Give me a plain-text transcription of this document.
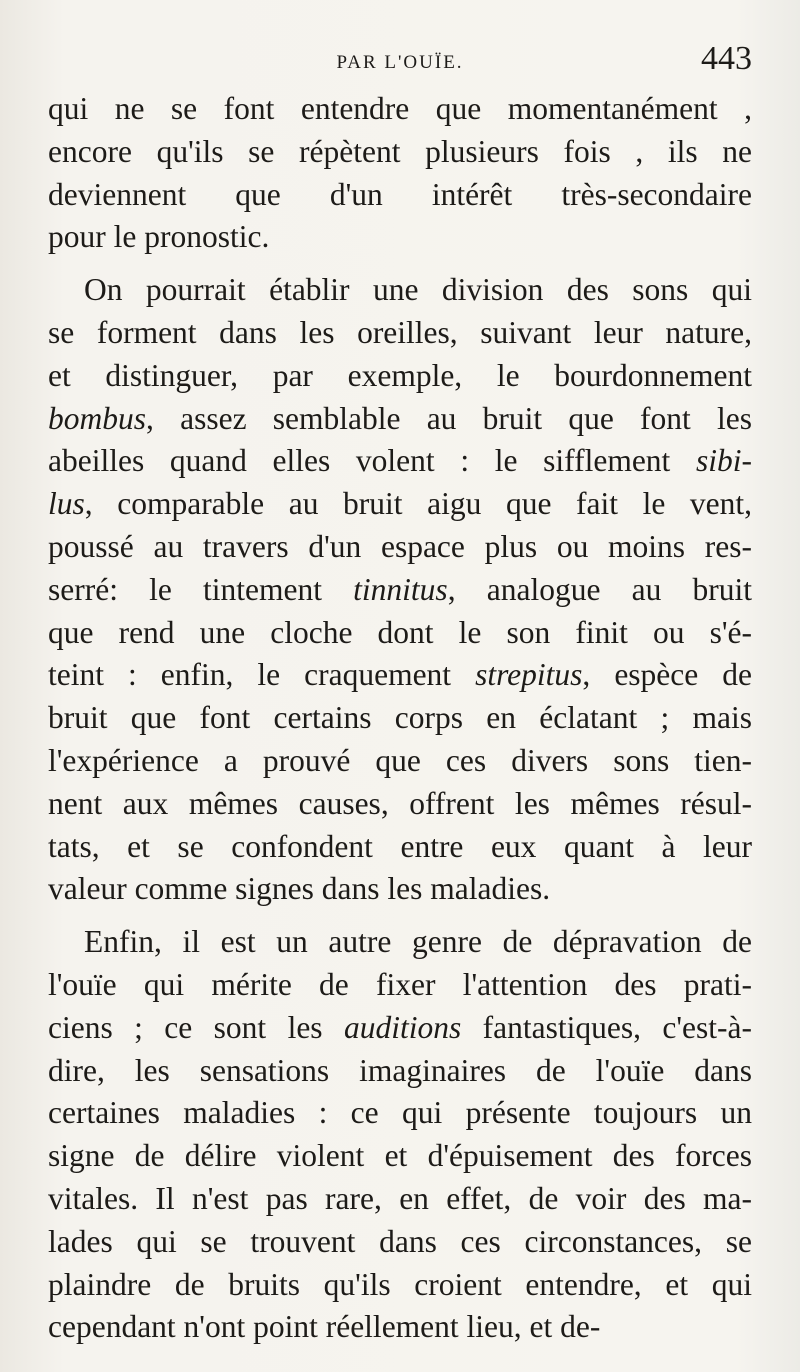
PAR L'OUÏE.	443
qui ne se font entendre que momentanément ,
encore qu'ils se répètent plusieurs fois , ils ne
deviennent que d'un intérêt très-secondaire
pour le pronostic.
On pourrait établir une division des sons qui
se forment dans les oreilles, suivant leur nature,
et distinguer, par exemple, le bourdonnement
bombus, assez semblable au bruit que font les
abeilles quand elles volent : le sifflement sibi-
lus, comparable au bruit aigu que fait le vent,
poussé au travers d'un espace plus ou moins res-
serré: le tintement tinnitus, analogue au bruit
que rend une cloche dont le son finit ou s'é-
teint : enfin, le craquement strepitus, espèce de
bruit que font certains corps en éclatant ; mais
l'expérience a prouvé que ces divers sons tien-
nent aux mêmes causes, offrent les mêmes résul-
tats, et se confondent entre eux quant à leur
valeur comme signes dans les maladies.
Enfin, il est un autre genre de dépravation de
l'ouïe qui mérite de fixer l'attention des prati-
ciens ; ce sont les auditions fantastiques, c'est-à-
dire, les sensations imaginaires de l'ouïe dans
certaines maladies : ce qui présente toujours un
signe de délire violent et d'épuisement des forces
vitales. Il n'est pas rare, en effet, de voir des ma-
lades qui se trouvent dans ces circonstances, se
plaindre de bruits qu'ils croient entendre, et qui
cependant n'ont point réellement lieu, et de-
